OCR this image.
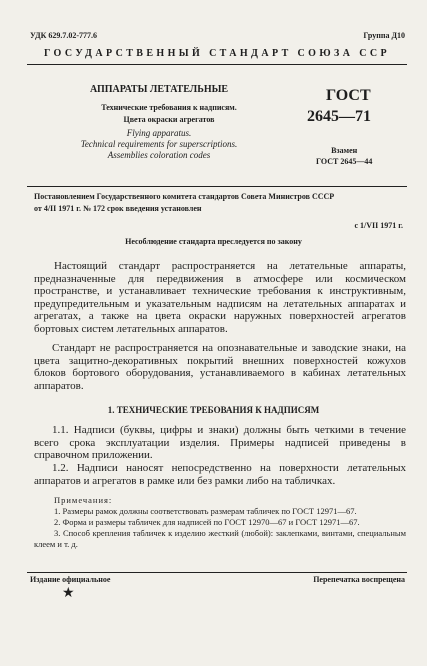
УДК 629.7.02-777.6	Группа Д10
ГОСУДАРСТВЕННЫЙ СТАНДАРТ СОЮЗА ССР
АППАРАТЫ ЛЕТАТЕЛЬНЫЕ
Технические требования к надписям.
Цвета окраски агрегатов
Flying apparatus.
Technical requirements for superscriptions.
Assemblies coloration codes
ГОСТ
2645—71
Взамен
ГОСТ 2645—44
Постановлением Государственного комитета стандартов Совета Министров СССР
от 4/II 1971 г. № 172 срок введения установлен
с 1/VII 1971 г.
Несоблюдение стандарта преследуется по закону
Настоящий стандарт распространяется на летательные аппараты, предназначенные для передвижения в атмосфере или космическом пространстве, и устанавливает технические требования к инструктивным, предупредительным и указательным надписям на летательных аппаратах и агрегатах, а также на цвета окраски наружных поверхностей агрегатов бортовых систем летательных аппаратов.
Стандарт не распространяется на опознавательные и заводские знаки, на цвета защитно-декоративных покрытий внешних поверхностей кожухов блоков бортового оборудования, устанавливаемого в кабинах летательных аппаратов.
1. ТЕХНИЧЕСКИЕ ТРЕБОВАНИЯ К НАДПИСЯМ
1.1. Надписи (буквы, цифры и знаки) должны быть четкими в течение всего срока эксплуатации изделия. Примеры надписей приведены в справочном приложении.
1.2. Надписи наносят непосредственно на поверхности летательных аппаратов и агрегатов в рамке или без рамки либо на табличках.
Примечания:
1. Размеры рамок должны соответствовать размерам табличек по ГОСТ 12971—67.
2. Форма и размеры табличек для надписей по ГОСТ 12970—67 и ГОСТ 12971—67.
3. Способ крепления табличек к изделию жесткий (любой): заклепками, винтами, специальным клеем и т. д.
Издание официальное	Перепечатка воспрещена
★
